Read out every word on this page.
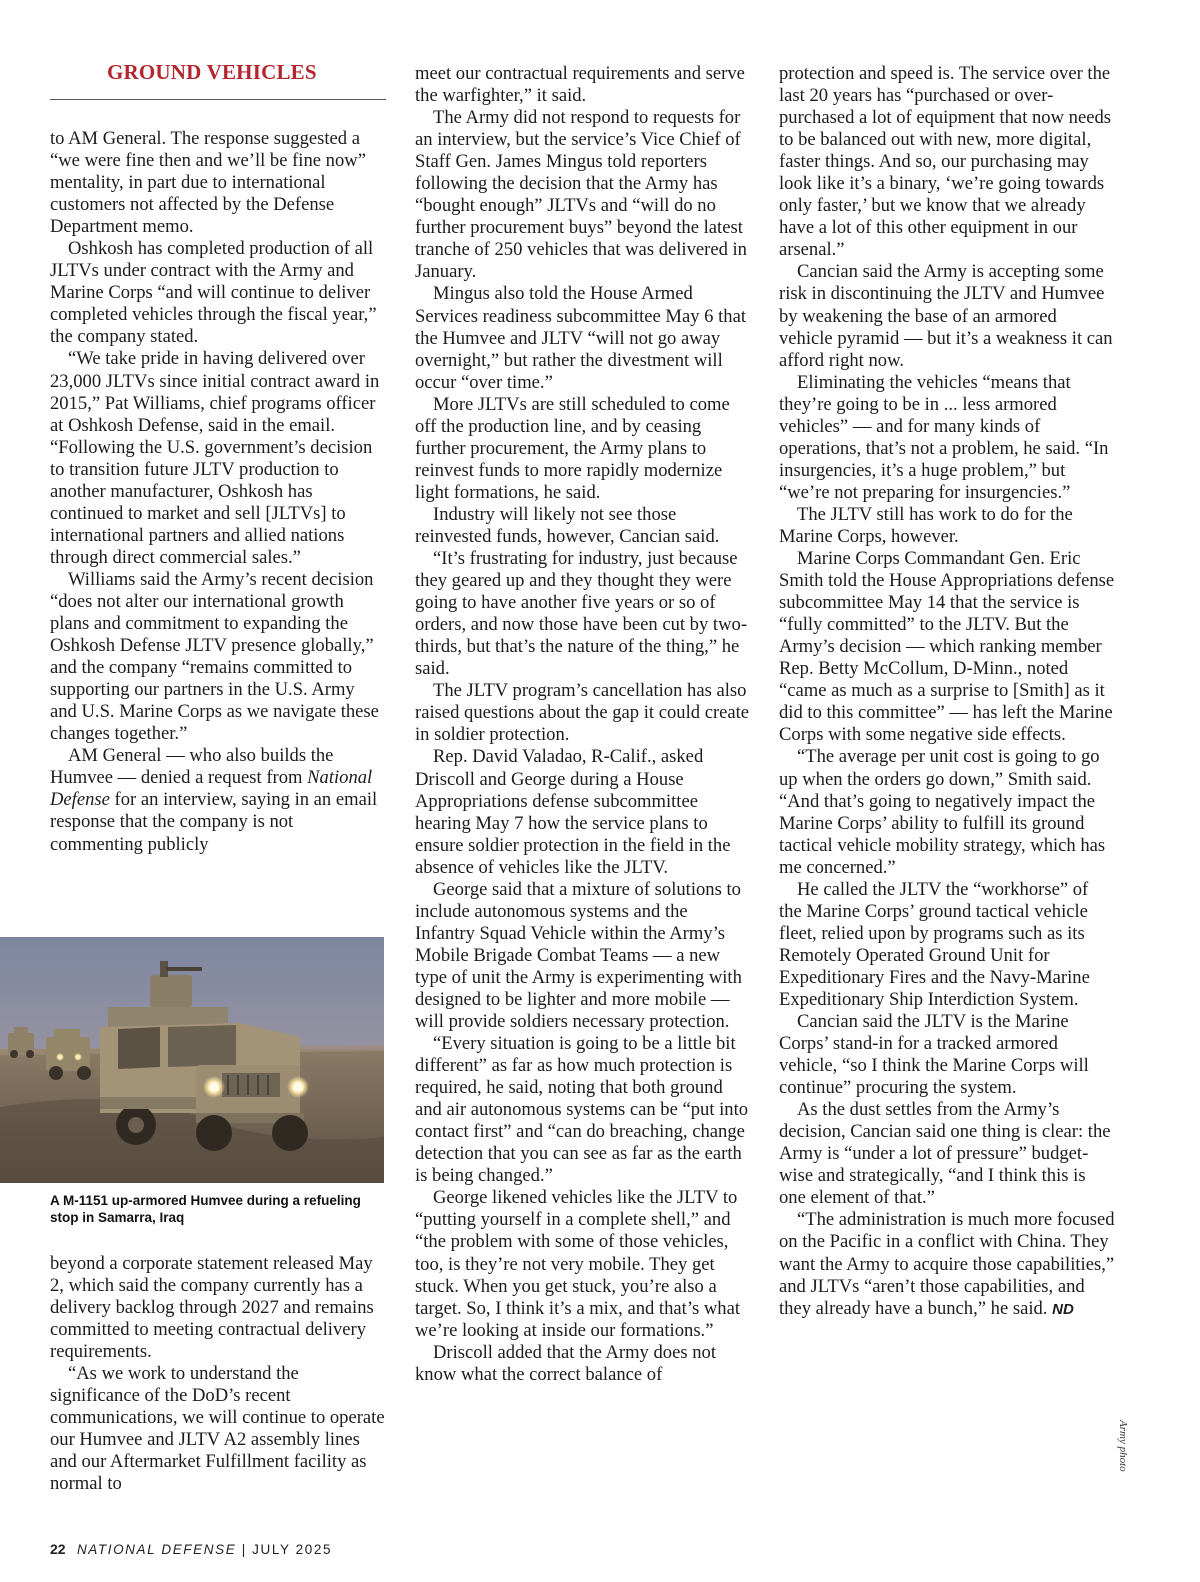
GROUND VEHICLES

to AM General. The response suggested a “we were fine then and we’ll be fine now” mentality, in part due to international customers not affected by the Defense Department memo.

Oshkosh has completed production of all JLTVs under contract with the Army and Marine Corps “and will continue to deliver completed vehicles through the fiscal year,” the company stated.

“We take pride in having delivered over 23,000 JLTVs since initial contract award in 2015,” Pat Williams, chief programs officer at Oshkosh Defense, said in the email. “Following the U.S. government’s decision to transition future JLTV production to another manufacturer, Oshkosh has continued to market and sell [JLTVs] to international partners and allied nations through direct commercial sales.”

Williams said the Army’s recent decision “does not alter our international growth plans and commitment to expanding the Oshkosh Defense JLTV presence globally,” and the company “remains committed to supporting our partners in the U.S. Army and U.S. Marine Corps as we navigate these changes together.”

AM General — who also builds the Humvee — denied a request from National Defense for an interview, saying in an email response that the company is not commenting publicly

A M-1151 up-armored Humvee during a refueling stop in Samarra, Iraq

beyond a corporate statement released May 2, which said the company currently has a delivery backlog through 2027 and remains committed to meeting contractual delivery requirements.

“As we work to understand the significance of the DoD’s recent communications, we will continue to operate our Humvee and JLTV A2 assembly lines and our Aftermarket Fulfillment facility as normal to

meet our contractual requirements and serve the warfighter,” it said.

The Army did not respond to requests for an interview, but the service’s Vice Chief of Staff Gen. James Mingus told reporters following the decision that the Army has “bought enough” JLTVs and “will do no further procurement buys” beyond the latest tranche of 250 vehicles that was delivered in January.

Mingus also told the House Armed Services readiness subcommittee May 6 that the Humvee and JLTV “will not go away overnight,” but rather the divestment will occur “over time.”

More JLTVs are still scheduled to come off the production line, and by ceasing further procurement, the Army plans to reinvest funds to more rapidly modernize light formations, he said.

Industry will likely not see those reinvested funds, however, Cancian said.

“It’s frustrating for industry, just because they geared up and they thought they were going to have another five years or so of orders, and now those have been cut by two-thirds, but that’s the nature of the thing,” he said.

The JLTV program’s cancellation has also raised questions about the gap it could create in soldier protection.

Rep. David Valadao, R-Calif., asked Driscoll and George during a House Appropriations defense subcommittee hearing May 7 how the service plans to ensure soldier protection in the field in the absence of vehicles like the JLTV.

George said that a mixture of solutions to include autonomous systems and the Infantry Squad Vehicle within the Army’s Mobile Brigade Combat Teams — a new type of unit the Army is experimenting with designed to be lighter and more mobile — will provide soldiers necessary protection.

“Every situation is going to be a little bit different” as far as how much protection is required, he said, noting that both ground and air autonomous systems can be “put into contact first” and “can do breaching, change detection that you can see as far as the earth is being changed.”

George likened vehicles like the JLTV to “putting yourself in a complete shell,” and “the problem with some of those vehicles, too, is they’re not very mobile. They get stuck. When you get stuck, you’re also a target. So, I think it’s a mix, and that’s what we’re looking at inside our formations.”

Driscoll added that the Army does not know what the correct balance of

protection and speed is. The service over the last 20 years has “purchased or over-purchased a lot of equipment that now needs to be balanced out with new, more digital, faster things. And so, our purchasing may look like it’s a binary, ‘we’re going towards only faster,’ but we know that we already have a lot of this other equipment in our arsenal.”

Cancian said the Army is accepting some risk in discontinuing the JLTV and Humvee by weakening the base of an armored vehicle pyramid — but it’s a weakness it can afford right now.

Eliminating the vehicles “means that they’re going to be in ... less armored vehicles” — and for many kinds of operations, that’s not a problem, he said. “In insurgencies, it’s a huge problem,” but “we’re not preparing for insurgencies.”

The JLTV still has work to do for the Marine Corps, however.

Marine Corps Commandant Gen. Eric Smith told the House Appropriations defense subcommittee May 14 that the service is “fully committed” to the JLTV. But the Army’s decision — which ranking member Rep. Betty McCollum, D-Minn., noted “came as much as a surprise to [Smith] as it did to this committee” — has left the Marine Corps with some negative side effects.

“The average per unit cost is going to go up when the orders go down,” Smith said. “And that’s going to negatively impact the Marine Corps’ ability to fulfill its ground tactical vehicle mobility strategy, which has me concerned.”

He called the JLTV the “workhorse” of the Marine Corps’ ground tactical vehicle fleet, relied upon by programs such as its Remotely Operated Ground Unit for Expeditionary Fires and the Navy-Marine Expeditionary Ship Interdiction System.

Cancian said the JLTV is the Marine Corps’ stand-in for a tracked armored vehicle, “so I think the Marine Corps will continue” procuring the system.

As the dust settles from the Army’s decision, Cancian said one thing is clear: the Army is “under a lot of pressure” budget-wise and strategically, “and I think this is one element of that.”

“The administration is much more focused on the Pacific in a conflict with China. They want the Army to acquire those capabilities,” and JLTVs “aren’t those capabilities, and they already have a bunch,” he said. ND

Army photo
22 NATIONAL DEFENSE | JULY 2025
